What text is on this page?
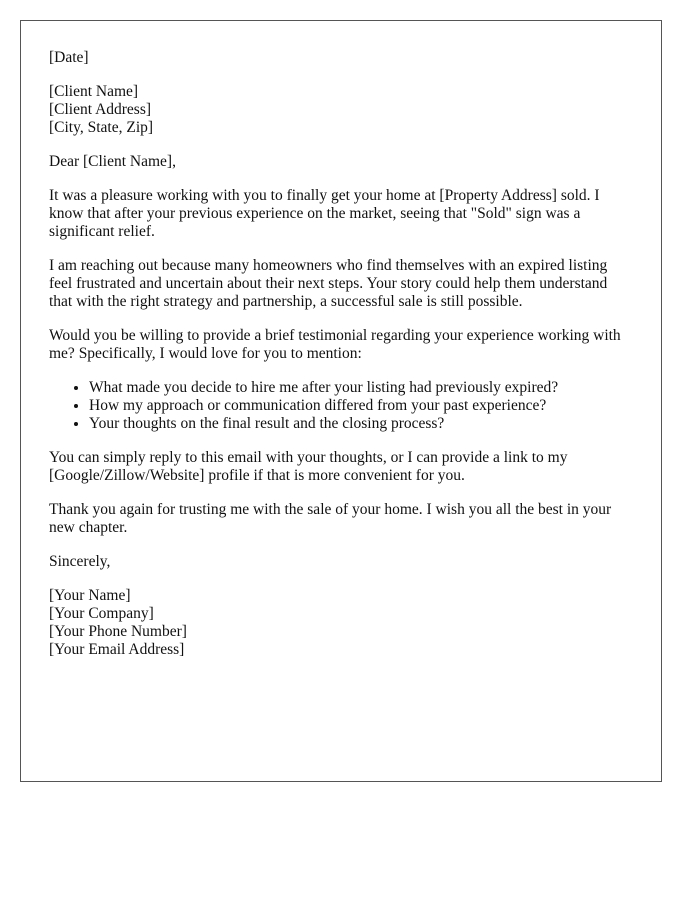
[Date]
[Client Name]
[Client Address]
[City, State, Zip]

Dear [Client Name],

It was a pleasure working with you to finally get your home at [Property Address] sold. I know that after your previous experience on the market, seeing that "Sold" sign was a significant relief.

I am reaching out because many homeowners who find themselves with an expired listing feel frustrated and uncertain about their next steps. Your story could help them understand that with the right strategy and partnership, a successful sale is still possible.

Would you be willing to provide a brief testimonial regarding your experience working with me? Specifically, I would love for you to mention:

• What made you decide to hire me after your listing had previously expired?
• How my approach or communication differed from your past experience?
• Your thoughts on the final result and the closing process?

You can simply reply to this email with your thoughts, or I can provide a link to my [Google/Zillow/Website] profile if that is more convenient for you.

Thank you again for trusting me with the sale of your home. I wish you all the best in your new chapter.

Sincerely,

[Your Name]
[Your Company]
[Your Phone Number]
[Your Email Address]
